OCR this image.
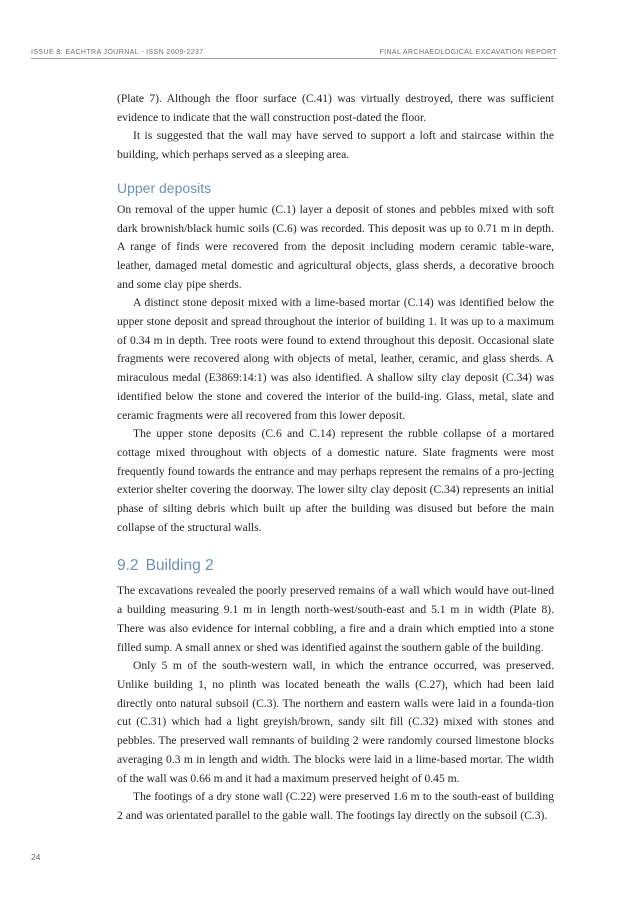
ISSUE 8: EACHTRA JOURNAL - ISSN 2009-2237	FINAL ARCHAEOLOGICAL EXCAVATION REPORT

(Plate 7). Although the floor surface (C.41) was virtually destroyed, there was sufficient evidence to indicate that the wall construction post-dated the floor.

It is suggested that the wall may have served to support a loft and staircase within the building, which perhaps served as a sleeping area.

Upper deposits

On removal of the upper humic (C.1) layer a deposit of stones and pebbles mixed with soft dark brownish/black humic soils (C.6) was recorded. This deposit was up to 0.71 m in depth. A range of finds were recovered from the deposit including modern ceramic table-ware, leather, damaged metal domestic and agricultural objects, glass sherds, a decorative brooch and some clay pipe sherds.

A distinct stone deposit mixed with a lime-based mortar (C.14) was identified below the upper stone deposit and spread throughout the interior of building 1. It was up to a maximum of 0.34 m in depth. Tree roots were found to extend throughout this deposit. Occasional slate fragments were recovered along with objects of metal, leather, ceramic, and glass sherds. A miraculous medal (E3869:14:1) was also identified. A shallow silty clay deposit (C.34) was identified below the stone and covered the interior of the build-ing. Glass, metal, slate and ceramic fragments were all recovered from this lower deposit.

The upper stone deposits (C.6 and C.14) represent the rubble collapse of a mortared cottage mixed throughout with objects of a domestic nature. Slate fragments were most frequently found towards the entrance and may perhaps represent the remains of a pro-jecting exterior shelter covering the doorway. The lower silty clay deposit (C.34) represents an initial phase of silting debris which built up after the building was disused but before the main collapse of the structural walls.

9.2 Building 2

The excavations revealed the poorly preserved remains of a wall which would have out-lined a building measuring 9.1 m in length north-west/south-east and 5.1 m in width (Plate 8). There was also evidence for internal cobbling, a fire and a drain which emptied into a stone filled sump. A small annex or shed was identified against the southern gable of the building.

Only 5 m of the south-western wall, in which the entrance occurred, was preserved. Unlike building 1, no plinth was located beneath the walls (C.27), which had been laid directly onto natural subsoil (C.3). The northern and eastern walls were laid in a founda-tion cut (C.31) which had a light greyish/brown, sandy silt fill (C.32) mixed with stones and pebbles. The preserved wall remnants of building 2 were randomly coursed limestone blocks averaging 0.3 m in length and width. The blocks were laid in a lime-based mortar. The width of the wall was 0.66 m and it had a maximum preserved height of 0.45 m.

The footings of a dry stone wall (C.22) were preserved 1.6 m to the south-east of building 2 and was orientated parallel to the gable wall. The footings lay directly on the subsoil (C.3).

24
